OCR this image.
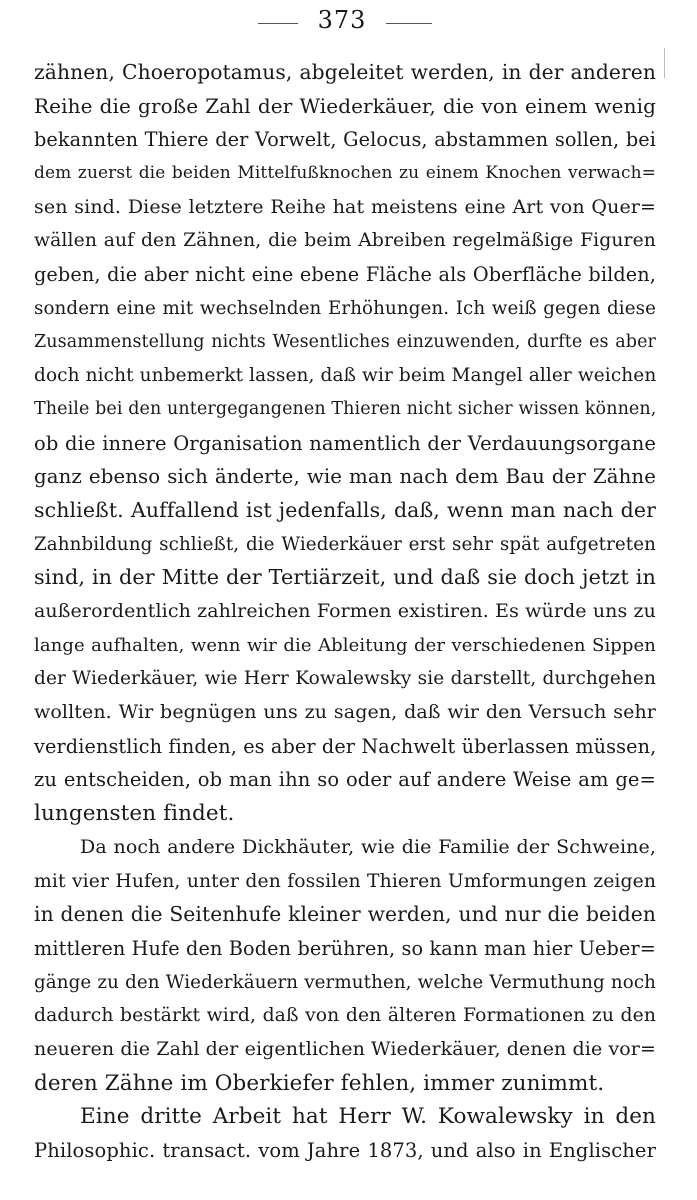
373
zähnen, Choeropotamus, abgeleitet werden, in der anderen
Reihe die große Zahl der Wiederkäuer, die von einem wenig
bekannten Thiere der Vorwelt, Gelocus, abstammen sollen, bei
dem zuerst die beiden Mittelfußknochen zu einem Knochen verwach=
sen sind. Diese letztere Reihe hat meistens eine Art von Quer=
wällen auf den Zähnen, die beim Abreiben regelmäßige Figuren
geben, die aber nicht eine ebene Fläche als Oberfläche bilden,
sondern eine mit wechselnden Erhöhungen. Ich weiß gegen diese
Zusammenstellung nichts Wesentliches einzuwenden, durfte es aber
doch nicht unbemerkt lassen, daß wir beim Mangel aller weichen
Theile bei den untergegangenen Thieren nicht sicher wissen können,
ob die innere Organisation namentlich der Verdauungsorgane
ganz ebenso sich änderte, wie man nach dem Bau der Zähne
schließt. Auffallend ist jedenfalls, daß, wenn man nach der
Zahnbildung schließt, die Wiederkäuer erst sehr spät aufgetreten
sind, in der Mitte der Tertiärzeit, und daß sie doch jetzt in
außerordentlich zahlreichen Formen existiren. Es würde uns zu
lange aufhalten, wenn wir die Ableitung der verschiedenen Sippen
der Wiederkäuer, wie Herr Kowalewsky sie darstellt, durchgehen
wollten. Wir begnügen uns zu sagen, daß wir den Versuch sehr
verdienstlich finden, es aber der Nachwelt überlassen müssen,
zu entscheiden, ob man ihn so oder auf andere Weise am ge=
lungensten findet.
Da noch andere Dickhäuter, wie die Familie der Schweine,
mit vier Hufen, unter den fossilen Thieren Umformungen zeigen
in denen die Seitenhufe kleiner werden, und nur die beiden
mittleren Hufe den Boden berühren, so kann man hier Ueber=
gänge zu den Wiederkäuern vermuthen, welche Vermuthung noch
dadurch bestärkt wird, daß von den älteren Formationen zu den
neueren die Zahl der eigentlichen Wiederkäuer, denen die vor=
deren Zähne im Oberkiefer fehlen, immer zunimmt.
Eine dritte Arbeit hat Herr W. Kowalewsky in den
Philosophic. transact. vom Jahre 1873, und also in Englischer
